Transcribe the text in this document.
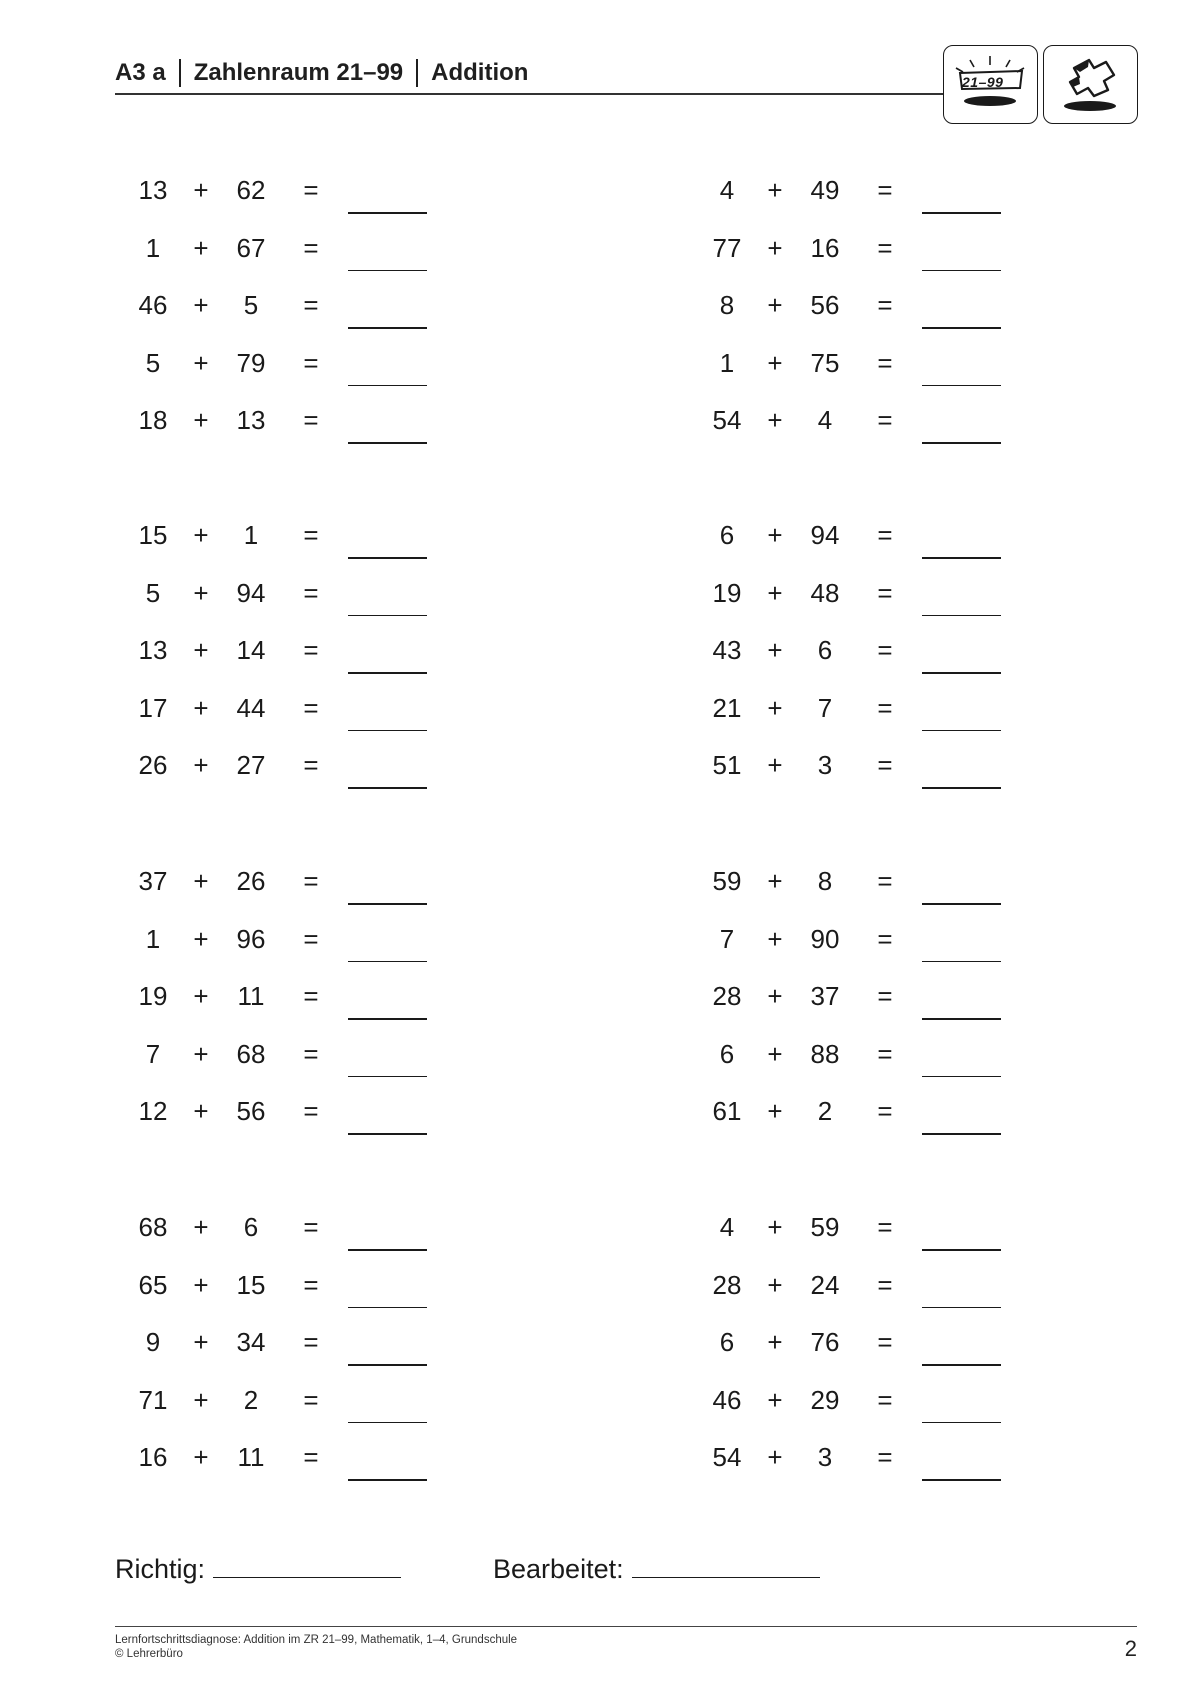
A3 a Zahlenraum 21–99 Addition	21–99
13 +	62	=
1	+	67	=
46 +	5	=
5	+	79	=
18 +	13	=
4	+	49	=
77 +	16	=
8	+	56	=
1	+	75	=
54 +	4	=
15 +	1	=
5	+	94	=
13 +	14	=
17 +	44	=
26 +	27	=
6	+	94	=
19 +	48	=
43 +	6	=
21 +	7	=
51 +	3	=
37 +	26	=
1	+	96	=
19 +	11	=
7	+	68	=
12 +	56	=
59 +	8	=
7	+	90	=
28 +	37	=
6	+	88	=
61 +	2	=
68 +	6	=
65 +	15	=
9	+	34	=
71 +	2	=
16 +	11	=
4	+	59	=
28 +	24	=
6	+	76	=
46 +	29	=
54 +	3	=
Richtig:	Bearbeitet:
Lernfortschrittsdiagnose: Addition im ZR 21–99, Mathematik, 1–4, Grundschule
© Lehrerbüro	2
